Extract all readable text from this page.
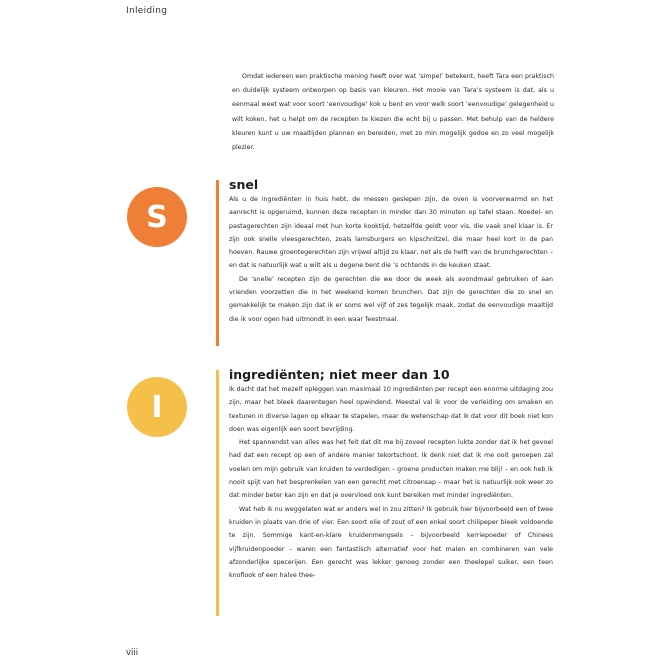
Inleiding

Omdat iedereen een praktische mening heeft over wat ‘simpel’ betekent, heeft Tara een praktisch en duidelijk systeem ontworpen op basis van kleuren. Het mooie van Tara’s systeem is dat, als u eenmaal weet wat voor soort ‘eenvoudige’ kok u bent en voor welk soort ‘eenvoudige’ gelegenheid u wilt koken, het u helpt om de recepten te kiezen die echt bij u passen. Met behulp van de heldere kleuren kunt u uw maaltijden plannen en bereiden, met zo min mogelijk gedoe en zo veel mogelijk plezier.

S
snel

Als u de ingrediënten in huis hebt, de messen geslepen zijn, de oven is voorverwarmd en het aanrecht is opgeruimd, kunnen deze recepten in minder dan 30 minuten op tafel staan. Noedel- en pastagerechten zijn ideaal met hun korte kooktijd, hetzelfde geldt voor vis, die vaak snel klaar is. Er zijn ook snelle vleesgerechten, zoals lamsburgers en kipschnitzel, die maar heel kort in de pan hoeven. Rauwe groentegerechten zijn vrijwel altijd zo klaar, net als de helft van de brunchgerechten – en dat is natuurlijk wat u wilt als u degene bent die ’s ochtends in de keuken staat.

De ‘snelle’ recepten zijn de gerechten die we door de week als avondmaal gebruiken of aan vrienden voorzetten die in het weekend komen brunchen. Dat zijn de gerechten die zo snel en gemakkelijk te maken zijn dat ik er soms wel vijf of zes tegelijk maak, zodat de eenvoudige maaltijd die ik voor ogen had uitmondt in een waar feestmaal.

I
ingrediënten; niet meer dan 10

Ik dacht dat het mezelf opleggen van maximaal 10 ingrediënten per recept een enorme uitdaging zou zijn, maar het bleek daarentegen heel opwindend. Meestal val ik voor de verleiding om smaken en texturen in diverse lagen op elkaar te stapelen, maar de wetenschap dat ik dat voor dit boek niet kon doen was eigenlijk een soort bevrijding.

Het spannendst van alles was het feit dat dit me bij zoveel recepten lukte zonder dat ik het gevoel had dat een recept op een of andere manier tekortschoot. Ik denk niet dat ik me ooit geroepen zal voelen om mijn gebruik van kruiden te verdedigen – groene producten maken me blij! – en ook heb ik nooit spijt van het besprenkelen van een gerecht met citroensap – maar het is natuurlijk ook weer zo dat minder beter kan zijn en dat je overvloed ook kunt bereiken met minder ingrediënten.

Wat heb ik nu weggelaten wat er anders wel in zou zitten? Ik gebruik hier bijvoorbeeld een of twee kruiden in plaats van drie of vier. Een soort olie of zout of een enkel soort chilipeper bleek voldoende te zijn. Sommige kant-en-klare kruidenmengsels – bijvoorbeeld kerriepoeder of Chinees vijfkruidenpoeder – waren een fantastisch alternatief voor het malen en combineren van vele afzonderlijke specerijen. Een gerecht was lekker genoeg zonder een theelepel suiker, een teen knoflook of een halve thee-

viii
